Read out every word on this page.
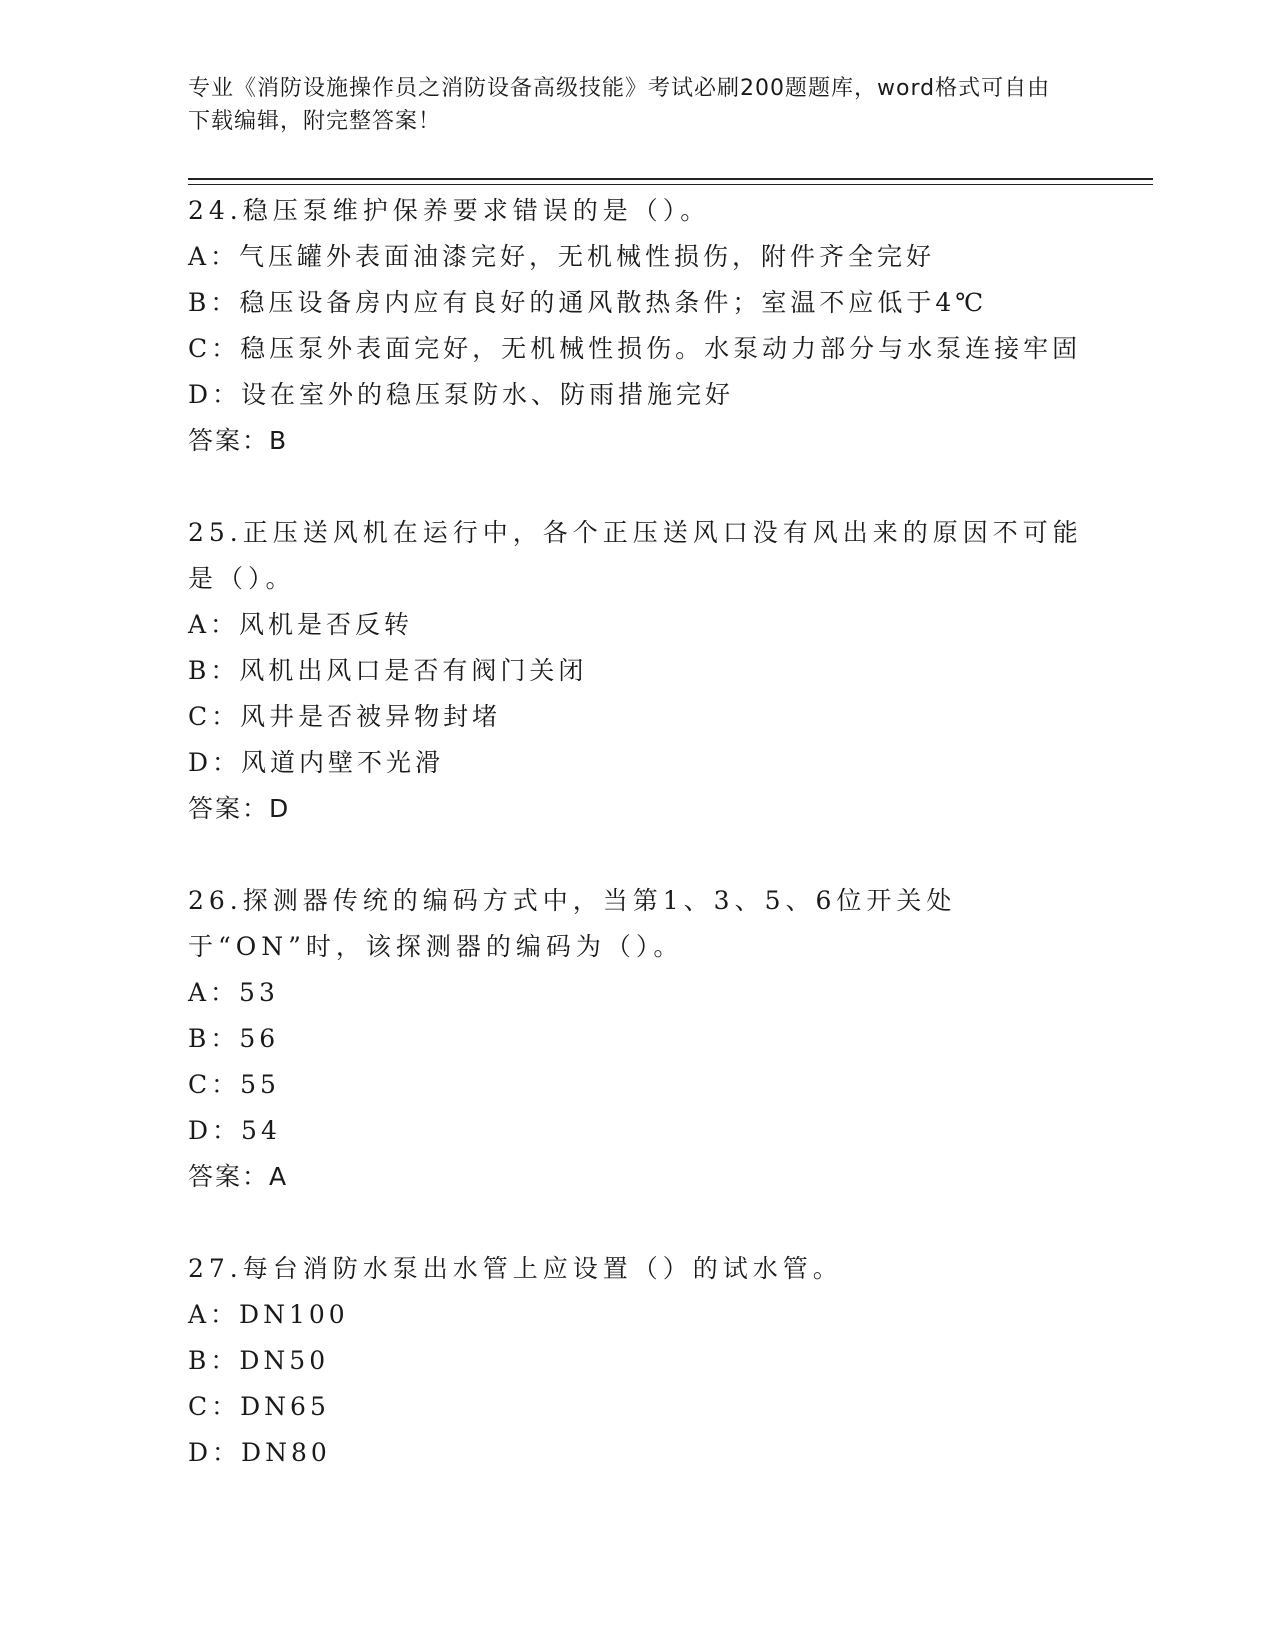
专业《消防设施操作员之消防设备高级技能》考试必刷200题题库，word格式可自由下载编辑，附完整答案！
24.稳压泵维护保养要求错误的是（）。
A：气压罐外表面油漆完好，无机械性损伤，附件齐全完好
B：稳压设备房内应有良好的通风散热条件；室温不应低于4℃
C：稳压泵外表面完好，无机械性损伤。水泵动力部分与水泵连接牢固
D：设在室外的稳压泵防水、防雨措施完好
答案：B
25.正压送风机在运行中，各个正压送风口没有风出来的原因不可能是（）。
A：风机是否反转
B：风机出风口是否有阀门关闭
C：风井是否被异物封堵
D：风道内壁不光滑
答案：D
26.探测器传统的编码方式中，当第1、3、5、6位开关处于“ON”时，该探测器的编码为（）。
A：53
B：56
C：55
D：54
答案：A
27.每台消防水泵出水管上应设置（）的试水管。
A：DN100
B：DN50
C：DN65
D：DN80
